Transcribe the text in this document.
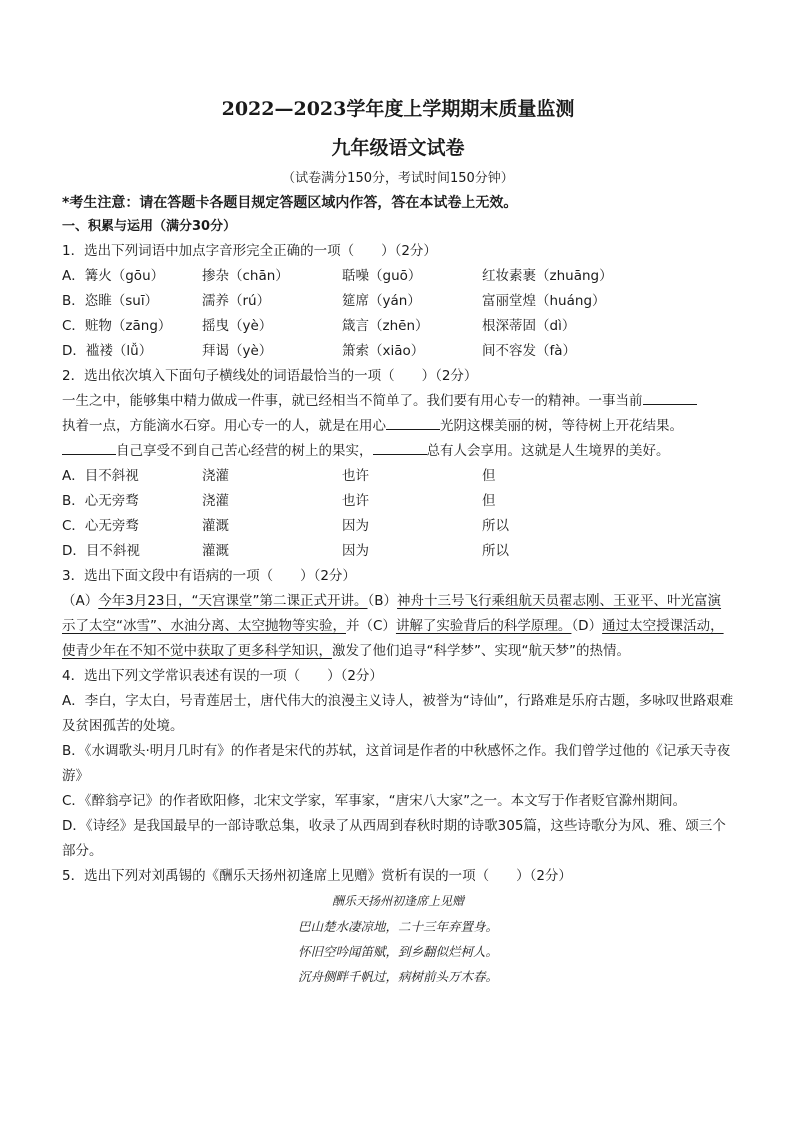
2022—2023学年度上学期期末质量监测
九年级语文试卷
（试卷满分150分，考试时间150分钟）
*考生注意：请在答题卡各题目规定答题区域内作答，答在本试卷上无效。
一、积累与运用（满分30分）
1．选出下列词语中加点字音形完全正确的一项（　　）（2分）
A．篝火（gōu）	掺杂（chān）	聒噪（guō）	红妆素裹（zhuāng）
B．恣睢（suī）	濡养（rú）	筵席（yán）	富丽堂煌（huáng）
C．赃物（zāng）	摇曳（yè）	箴言（zhēn）	根深蒂固（dì）
D．褴褛（lǚ）	拜谒（yè）	箫索（xiāo）	间不容发（fà）
2．选出依次填入下面句子横线处的词语最恰当的一项（　　）（2分）
一生之中，能够集中精力做成一件事，就已经相当不简单了。我们要有用心专一的精神。一事当前
执着一点，方能滴水石穿。用心专一的人，就是在用心	光阴这棵美丽的树，等待树上开花结果。
自己享受不到自己苦心经营的树上的果实，	总有人会享用。这就是人生境界的美好。
A．目不斜视	浇灌	也许	但
B．心无旁骛	浇灌	也许	但
C．心无旁骛	灌溉	因为	所以
D．目不斜视	灌溉	因为	所以
3．选出下面文段中有语病的一项（　　）（2分）
（A）今年3月23日，“天宫课堂”第二课正式开讲。（B）神舟十三号飞行乘组航天员翟志刚、王亚平、叶光富演示了太空“冰雪”、水油分离、太空抛物等实验，并（C）讲解了实验背后的科学原理。（D）通过太空授课活动，使青少年在不知不觉中获取了更多科学知识，激发了他们追寻“科学梦”、实现“航天梦”的热情。
4．选出下列文学常识表述有误的一项（　　）（2分）
A．李白，字太白，号青莲居士，唐代伟大的浪漫主义诗人，被誉为“诗仙”，行路难是乐府古题，多咏叹世路艰难及贫困孤苦的处境。
B．《水调歌头·明月几时有》的作者是宋代的苏轼，这首词是作者的中秋感怀之作。我们曾学过他的《记承天寺夜游》
C．《醉翁亭记》的作者欧阳修，北宋文学家，军事家，“唐宋八大家”之一。本文写于作者贬官滁州期间。
D．《诗经》是我国最早的一部诗歌总集，收录了从西周到春秋时期的诗歌305篇，这些诗歌分为风、雅、颂三个部分。
5．选出下列对刘禹锡的《酬乐天扬州初逢席上见赠》赏析有误的一项（　　）（2分）
酬乐天扬州初逢席上见赠
巴山楚水凄凉地，二十三年弃置身。
怀旧空吟闻笛赋，到乡翻似烂柯人。
沉舟侧畔千帆过，病树前头万木春。
